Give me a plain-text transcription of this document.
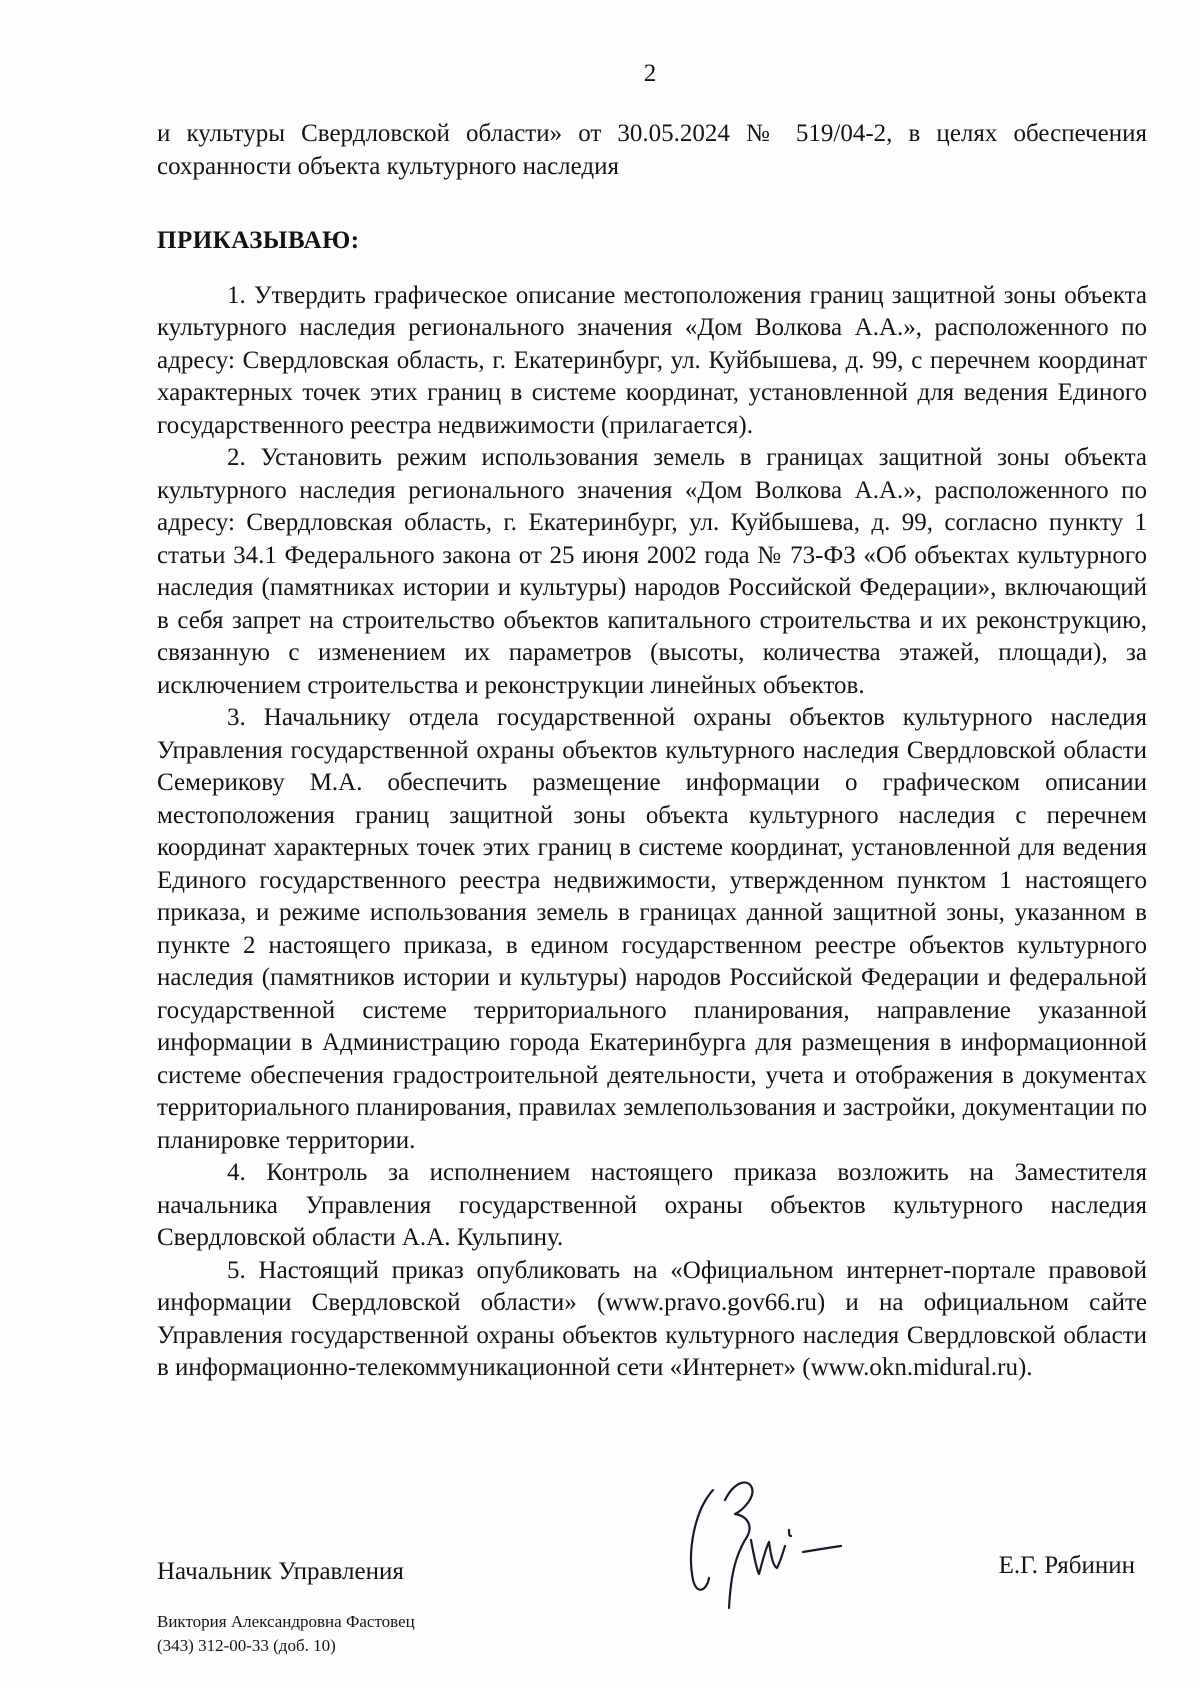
2

и культуры Свердловской области» от 30.05.2024 № 519/04-2, в целях обеспечения сохранности объекта культурного наследия

ПРИКАЗЫВАЮ:

1. Утвердить графическое описание местоположения границ защитной зоны объекта культурного наследия регионального значения «Дом Волкова А.А.», расположенного по адресу: Свердловская область, г. Екатеринбург, ул. Куйбышева, д. 99, с перечнем координат характерных точек этих границ в системе координат, установленной для ведения Единого государственного реестра недвижимости (прилагается).

2. Установить режим использования земель в границах защитной зоны объекта культурного наследия регионального значения «Дом Волкова А.А.», расположенного по адресу: Свердловская область, г. Екатеринбург, ул. Куйбышева, д. 99, согласно пункту 1 статьи 34.1 Федерального закона от 25 июня 2002 года № 73-ФЗ «Об объектах культурного наследия (памятниках истории и культуры) народов Российской Федерации», включающий в себя запрет на строительство объектов капитального строительства и их реконструкцию, связанную с изменением их параметров (высоты, количества этажей, площади), за исключением строительства и реконструкции линейных объектов.

3. Начальнику отдела государственной охраны объектов культурного наследия Управления государственной охраны объектов культурного наследия Свердловской области Семерикову М.А. обеспечить размещение информации о графическом описании местоположения границ защитной зоны объекта культурного наследия с перечнем координат характерных точек этих границ в системе координат, установленной для ведения Единого государственного реестра недвижимости, утвержденном пунктом 1 настоящего приказа, и режиме использования земель в границах данной защитной зоны, указанном в пункте 2 настоящего приказа, в едином государственном реестре объектов культурного наследия (памятников истории и культуры) народов Российской Федерации и федеральной государственной системе территориального планирования, направление указанной информации в Администрацию города Екатеринбурга для размещения в информационной системе обеспечения градостроительной деятельности, учета и отображения в документах территориального планирования, правилах землепользования и застройки, документации по планировке территории.

4. Контроль за исполнением настоящего приказа возложить на Заместителя начальника Управления государственной охраны объектов культурного наследия Свердловской области А.А. Кульпину.

5. Настоящий приказ опубликовать на «Официальном интернет-портале правовой информации Свердловской области» (www.pravo.gov66.ru) и на официальном сайте Управления государственной охраны объектов культурного наследия Свердловской области в информационно-телекоммуникационной сети «Интернет» (www.okn.midural.ru).

Начальник Управления	Е.Г. Рябинин
Виктория Александровна Фастовец
(343) 312-00-33 (доб. 10)
